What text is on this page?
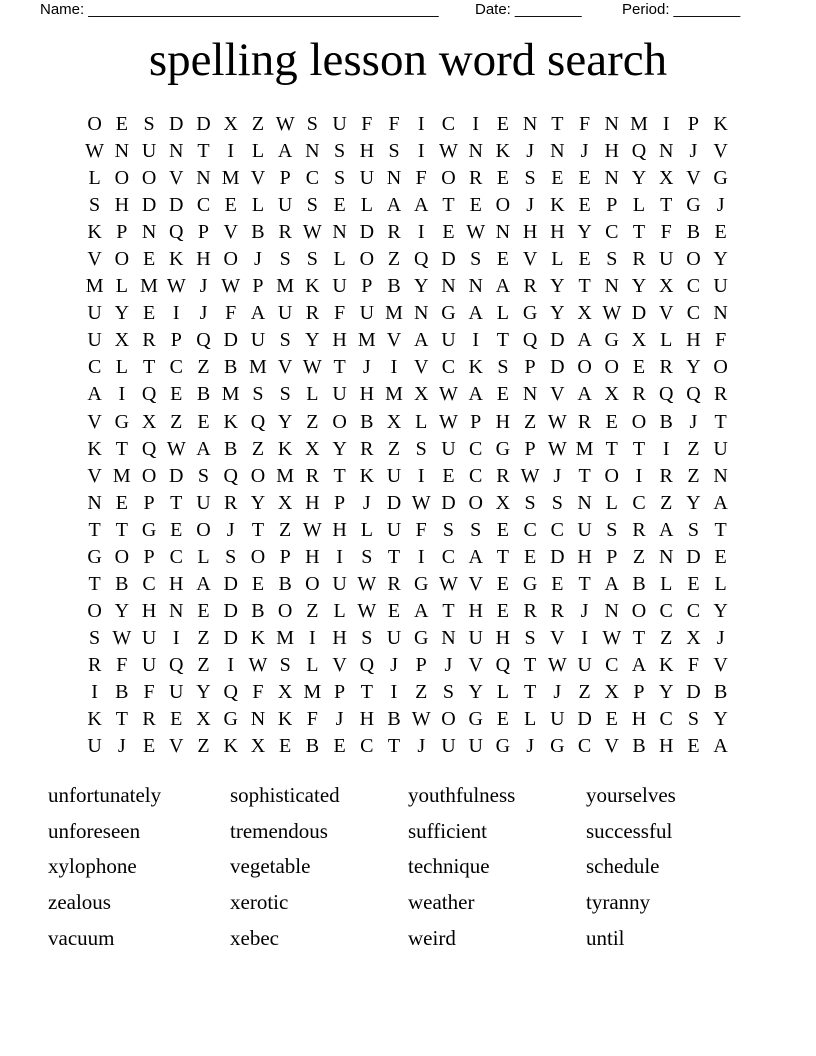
Name: __________________________________________ Date: ________	Period: ________
spelling lesson word search
O E S D D X Z W S U F F I C I E N T F N M I P K
W N U N T I L A N S H S I W N K J N J H Q N J V
L O O V N M V P C S U N F O R E S E E N Y X V G
S H D D C E L U S E L A A T E O J K E P L T G J
K P N Q P V B R W N D R I E W N H H Y C T F B E
V O E K H O J S S L O Z Q D S E V L E S R U O Y
M L M W J W P M K U P B Y N N A R Y T N Y X C U
U Y E I J F A U R F U M N G A L G Y X W D V C N
U X R P Q D U S Y H M V A U I T Q D A G X L H F
C L T C Z B M V W T J I V C K S P D O O E R Y O
A I Q E B M S S L U H M X W A E N V A X R Q Q R
V G X Z E K Q Y Z O B X L W P H Z W R E O B J T
K T Q W A B Z K X Y R Z S U C G P W M T T I Z U
V M O D S Q O M R T K U I E C R W J T O I R Z N
N E P T U R Y X H P J D W D O X S S N L C Z Y A
T T G E O J T Z W H L U F S S E C C U S R A S T
G O P C L S O P H I S T I C A T E D H P Z N D E
T B C H A D E B O U W R G W V E G E T A B L E L
O Y H N E D B O Z L W E A T H E R R J N O C C Y
S W U I Z D K M I H S U G N U H S V I W T Z X J
R F U Q Z I W S L V Q J P J V Q T W U C A K F V
I B F U Y Q F X M P T I Z S Y L T J Z X P Y D B
K T R E X G N K F J H B W O G E L U D E H C S Y
U J E V Z K X E B E C T J U U G J G C V B H E A
unfortunately
unforeseen
xylophone
zealous
vacuum
sophisticated
tremendous
vegetable
xerotic
xebec
youthfulness
sufficient
technique
weather
weird
yourselves
successful
schedule
tyranny
until
